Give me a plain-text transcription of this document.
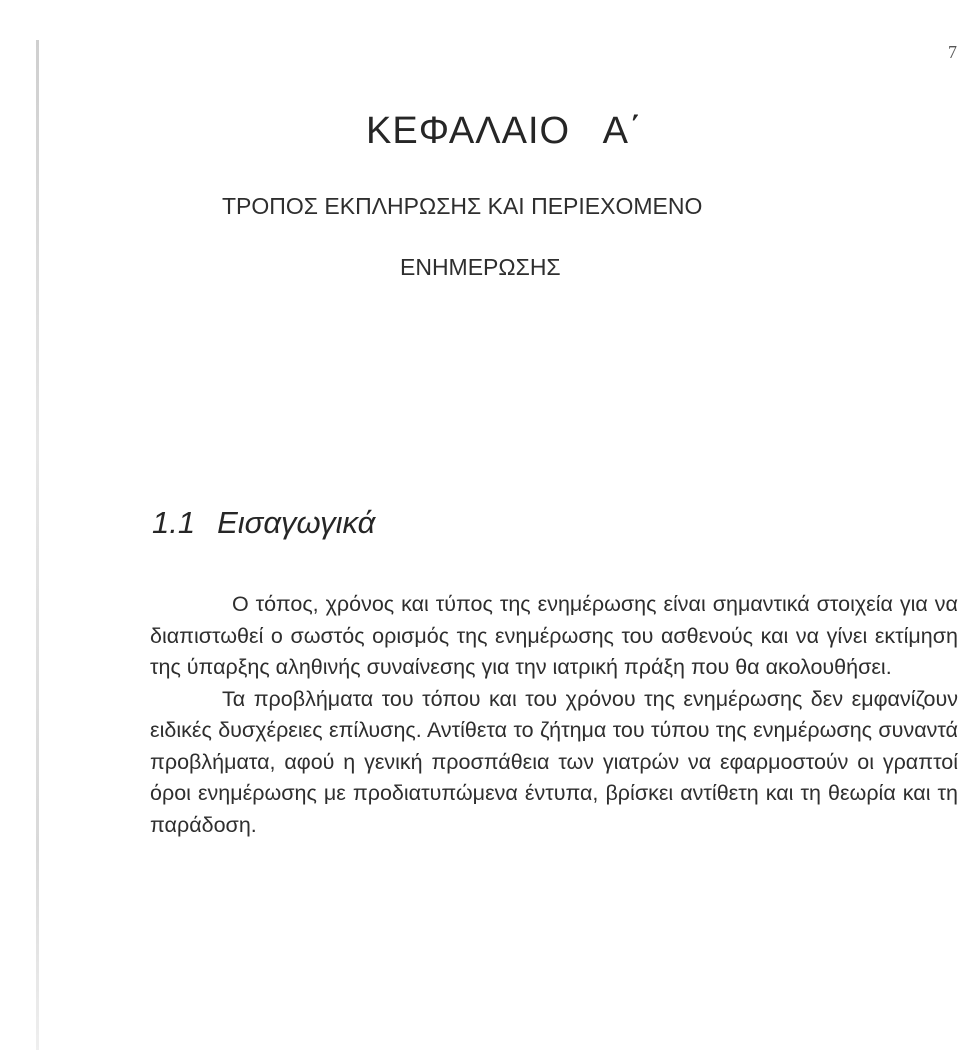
7
ΚΕΦΑΛΑΙΟ   Α΄
ΤΡΟΠΟΣ ΕΚΠΛΗΡΩΣΗΣ ΚΑΙ ΠΕΡΙΕΧΟΜΕΝΟ
ΕΝΗΜΕΡΩΣΗΣ
1.1 Εισαγωγικά

Ο τόπος, χρόνος και τύπος της ενημέρωσης είναι σημαντικά στοιχεία για να διαπιστωθεί ο σωστός ορισμός της ενημέρωσης του ασθενούς και να γίνει εκτίμηση της ύπαρξης αληθινής συναίνεσης για την ιατρική πράξη που θα ακολουθήσει.

Τα προβλήματα του τόπου και του χρόνου της ενημέρωσης δεν εμφανίζουν ειδικές δυσχέρειες επίλυσης. Αντίθετα το ζήτημα του τύπου της ενημέρωσης συναντά προβλήματα, αφού η γενική προσπάθεια των γιατρών να εφαρμοστούν οι γραπτοί όροι ενημέρωσης με προδιατυπώμενα έντυπα, βρίσκει αντίθετη και τη θεωρία και τη παράδοση.
